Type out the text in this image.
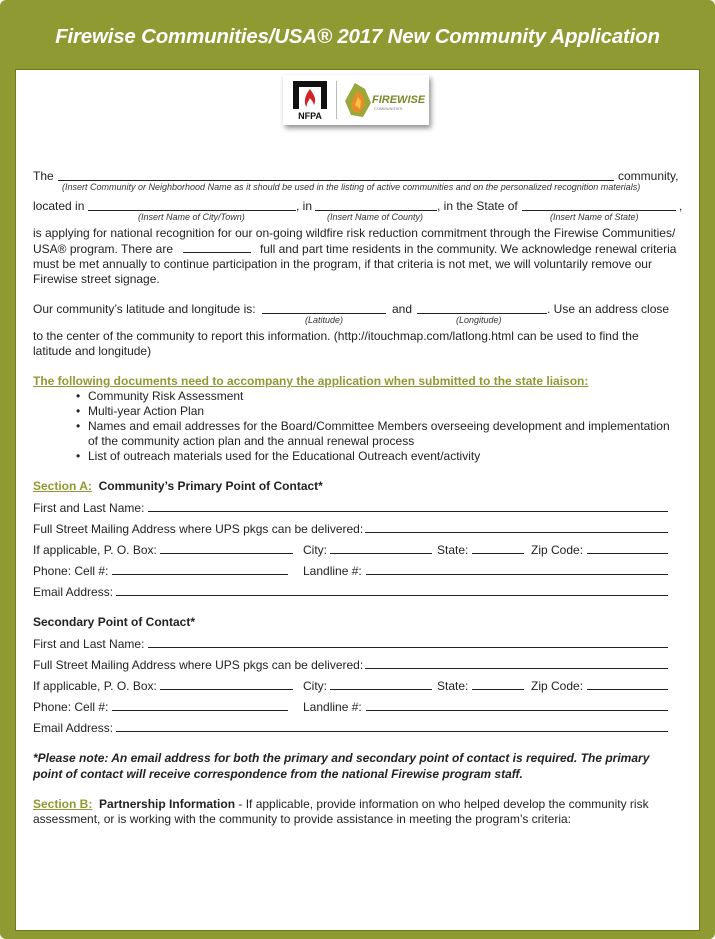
Firewise Communities/USA® 2017 New Community Application
NFPA
FIREWISE
COMMUNITIES
The	community,
(Insert Community or Neighborhood Name as it should be used in the listing of active communities and on the personalized recognition materials)
located in	, in	, in the State of	,
(Insert Name of City/Town)	(Insert Name of County)	(Insert Name of State)
is applying for national recognition for our on-going wildfire risk reduction commitment through the Firewise Communities/
USA® program. There are	full and part time residents in the community. We acknowledge renewal criteria
must be met annually to continue participation in the program, if that criteria is not met, we will voluntarily remove our
Firewise street signage.
Our community’s latitude and longitude is:	and	. Use an address close
(Latitude)	(Longitude)
to the center of the community to report this information. (http://itouchmap.com/latlong.html can be used to find the
latitude and longitude)
The following documents need to accompany the application when submitted to the state liaison:
• Community Risk Assessment
• Multi-year Action Plan
• Names and email addresses for the Board/Committee Members overseeing development and implementation
of the community action plan and the annual renewal process
• List of outreach materials used for the Educational Outreach event/activity
Section A: Community’s Primary Point of Contact*
First and Last Name:
Full Street Mailing Address where UPS pkgs can be delivered:
If applicable, P. O. Box:	City:	State:	Zip Code:
Phone: Cell #:	Landline #:
Email Address:
Secondary Point of Contact*
First and Last Name:
Full Street Mailing Address where UPS pkgs can be delivered:
If applicable, P. O. Box:	City:	State:	Zip Code:
Phone: Cell #:	Landline #:
Email Address:
*Please note: An email address for both the primary and secondary point of contact is required. The primary
point of contact will receive correspondence from the national Firewise program staff.
Section B: Partnership Information - If applicable, provide information on who helped develop the community risk
assessment, or is working with the community to provide assistance in meeting the program’s criteria:
